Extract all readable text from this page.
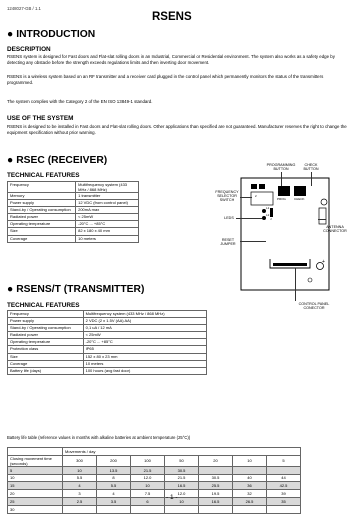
1248027-GB / 1.1
RSENS
● INTRODUCTION
DESCRIPTION

RSENS system is designed for Fast doors and Flat-slat rolling doors in an Industrial, Commercial or Residential environment. The system also works as a safety edge by detecting any obstacle before the strength exceeds regulations limits and then inverting door movement.

RSENS is a wireless system based on an RF transmitter and a receiver card plugged in the control panel which permanently monitors the status of the transmitters programmed.

The system complies with the Category 2 of the EN ISO 13849-1 standard.

USE OF THE SYSTEM

RSENS is designed to be installed in Fast doors and Flat-slat rolling doors. Other applications than specified are not guaranteed. Manufacturer reserves the right to change the equipment specification without prior warning.

● RSEC (RECEIVER)
TECHNICAL FEATURES
Frequency	Multifrequency system (433 MHz / 868 MHz)
Memory	1 transmitter
Power supply	12 VDC (from control panel)
Stand-by / Operating consumption	200mA max
Radiated power	< 25mW
Operating temperature	-20°C ... +85°C
Size	82 x 180 x 40 mm
Coverage	10 meters
1
2
PROG	CHECK
L1
L2
J
+
PROGRAMMING BUTTON
CHECK BUTTON
FREQUENCY SELECTOR SWITCH
LEDS
RESET JUMPER
ANTENNA CONNECTOR
CONTROL PANEL CONECTOR
● RSENS/T (TRANSMITTER)
TECHNICAL FEATURES
Frequency	Multifrequency system (433 MHz / 868 MHz)
Power supply	2 VDC (2 x 1.5V (AA) AA)
Stand-by / Operating consumption	0,1 uA / 12 mA
Radiated power	< 25mW
Operating temperature	-20°C ... +85°C
Protection class	IP65
Size	152 x 80 x 23 mm
Coverage	10 meters
Battery life (days)	100 hours (avg fast door)
Battery life table (reference values in months with alkaline batteries at ambient temperature (25°C))
	Movements / day						
Closing movement time (seconds)	300	200	100	50	20	10	5
5	10	13.5	21.5	30.5			
10	5.5	8	12.0	21.5	30.5	40	44
15	4	5.5	10	16.5	25.5	36	42.5
20	3	4	7.5	12.0	19.5	32	39
25	2.5	3.5	6	10	16.5	26.5	35
30							
- 1 -
